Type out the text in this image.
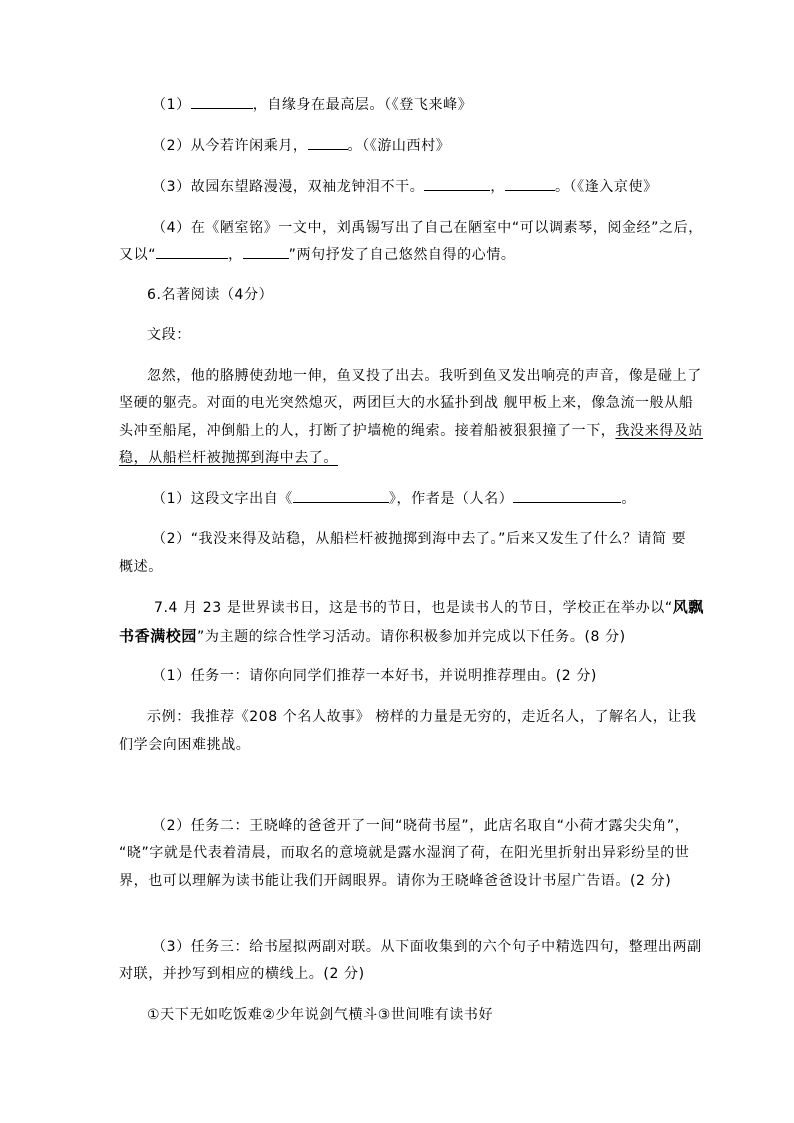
（1）	，自缘身在最高层。（《登飞来峰》
（2）从今若许闲乘月，	。（《游山西村》
（3）故园东望路漫漫，双袖龙钟泪不干。	，	。（《逢入京使》
（4）在《陋室铭》一文中，刘禹锡写出了自己在陋室中“可以调素琴，阅金经”之后，
又以“	，	”两句抒发了自己悠然自得的心情。
6.名著阅读（4分）
文段：
忽然，他的胳膊使劲地一伸，鱼叉投了出去。我听到鱼叉发出响亮的声音，像是碰上了
坚硬的躯壳。对面的电光突然熄灭，两团巨大的水猛扑到战 舰甲板上来，像急流一般从船
头冲至船尾，冲倒船上的人，打断了护墙桅的绳索。接着船被狠狠撞了一下，我没来得及站
稳，从船栏杆被抛掷到海中去了。
（1）这段文字出自《	》，作者是（人名）	。
（2）“我没来得及站稳，从船栏杆被抛掷到海中去了。”后来又发生了什么？请简 要
概述。
7.4 月 23 是世界读书日，这是书的节日，也是读书人的节日，学校正在举办以“风飘
书香满校园”为主题的综合性学习活动。请你积极参加并完成以下任务。(8 分)
（1）任务一：请你向同学们推荐一本好书，并说明推荐理由。(2 分)
示例：我推荐《208 个名人故事》 榜样的力量是无穷的，走近名人，了解名人，让我
们学会向困难挑战。
（2）任务二：王晓峰的爸爸开了一间“晓荷书屋”，此店名取自“小荷才露尖尖角”，
“晓”字就是代表着清晨，而取名的意境就是露水湿润了荷，在阳光里折射出异彩纷呈的世
界，也可以理解为读书能让我们开阔眼界。请你为王晓峰爸爸设计书屋广告语。(2 分)
（3）任务三：给书屋拟两副对联。从下面收集到的六个句子中精选四句，整理出两副
对联，并抄写到相应的横线上。(2 分)
①天下无如吃饭难②少年说剑气横斗③世间唯有读书好
